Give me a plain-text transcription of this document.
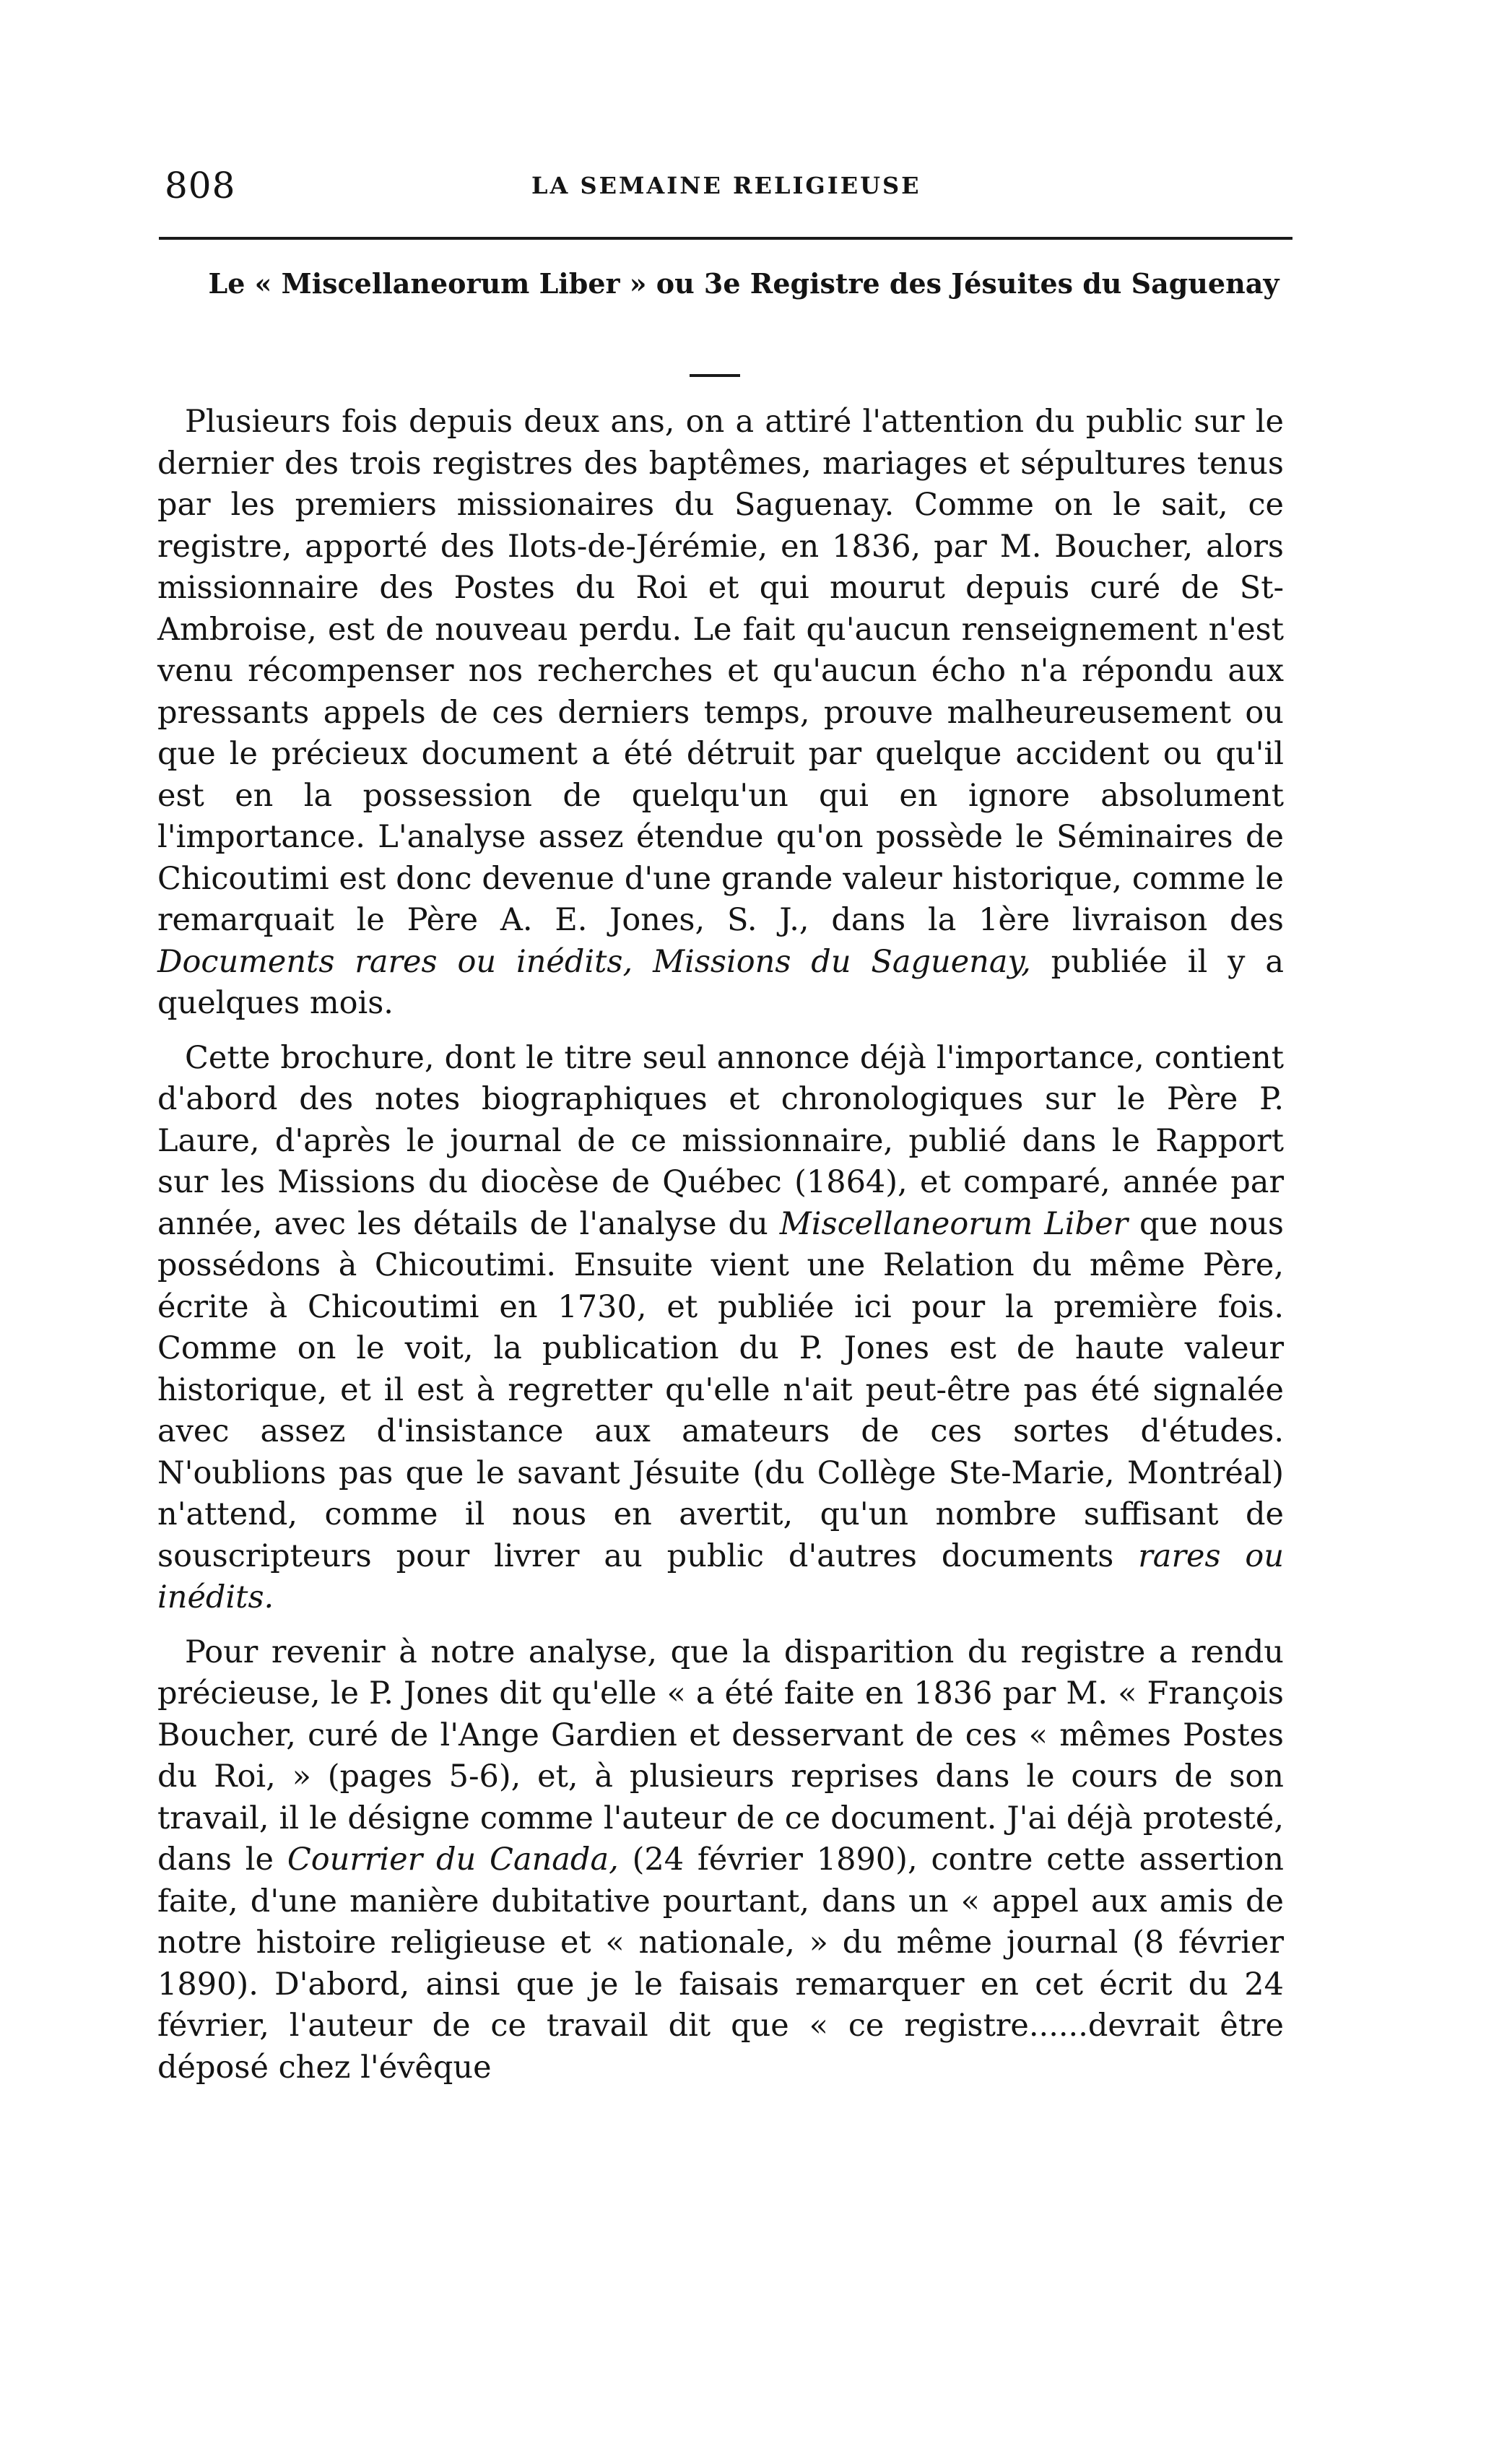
808	LA SEMAINE RELIGIEUSE
Le « Miscellaneorum Liber » ou 3e Registre des Jésuites du Saguenay

Plusieurs fois depuis deux ans, on a attiré l'attention du public sur le dernier des trois registres des baptêmes, mariages et sépultures tenus par les premiers missionaires du Saguenay. Comme on le sait, ce registre, apporté des Ilots-de-Jérémie, en 1836, par M. Boucher, alors missionnaire des Postes du Roi et qui mourut depuis curé de St-Ambroise, est de nouveau perdu. Le fait qu'aucun renseignement n'est venu récompenser nos recherches et qu'aucun écho n'a répondu aux pressants appels de ces derniers temps, prouve malheureusement ou que le précieux document a été détruit par quelque accident ou qu'il est en la possession de quelqu'un qui en ignore absolument l'importance. L'analyse assez étendue qu'on possède le Séminaires de Chicoutimi est donc devenue d'une grande valeur historique, comme le remarquait le Père A. E. Jones, S. J., dans la 1ère livraison des Documents rares ou inédits, Missions du Saguenay, publiée il y a quelques mois.

Cette brochure, dont le titre seul annonce déjà l'importance, contient d'abord des notes biographiques et chronologiques sur le Père P. Laure, d'après le journal de ce missionnaire, publié dans le Rapport sur les Missions du diocèse de Québec (1864), et comparé, année par année, avec les détails de l'analyse du Miscellaneorum Liber que nous possédons à Chicoutimi. Ensuite vient une Relation du même Père, écrite à Chicoutimi en 1730, et publiée ici pour la première fois. Comme on le voit, la publication du P. Jones est de haute valeur historique, et il est à regretter qu'elle n'ait peut-être pas été signalée avec assez d'insistance aux amateurs de ces sortes d'études. N'oublions pas que le savant Jésuite (du Collège Ste-Marie, Montréal) n'attend, comme il nous en avertit, qu'un nombre suffisant de souscripteurs pour livrer au public d'autres documents rares ou inédits.

Pour revenir à notre analyse, que la disparition du registre a rendu précieuse, le P. Jones dit qu'elle « a été faite en 1836 par M. « François Boucher, curé de l'Ange Gardien et desservant de ces « mêmes Postes du Roi, » (pages 5-6), et, à plusieurs reprises dans le cours de son travail, il le désigne comme l'auteur de ce document. J'ai déjà protesté, dans le Courrier du Canada, (24 février 1890), contre cette assertion faite, d'une manière dubitative pourtant, dans un « appel aux amis de notre histoire religieuse et « nationale, » du même journal (8 février 1890). D'abord, ainsi que je le faisais remarquer en cet écrit du 24 février, l'auteur de ce travail dit que « ce registre......devrait être déposé chez l'évêque
